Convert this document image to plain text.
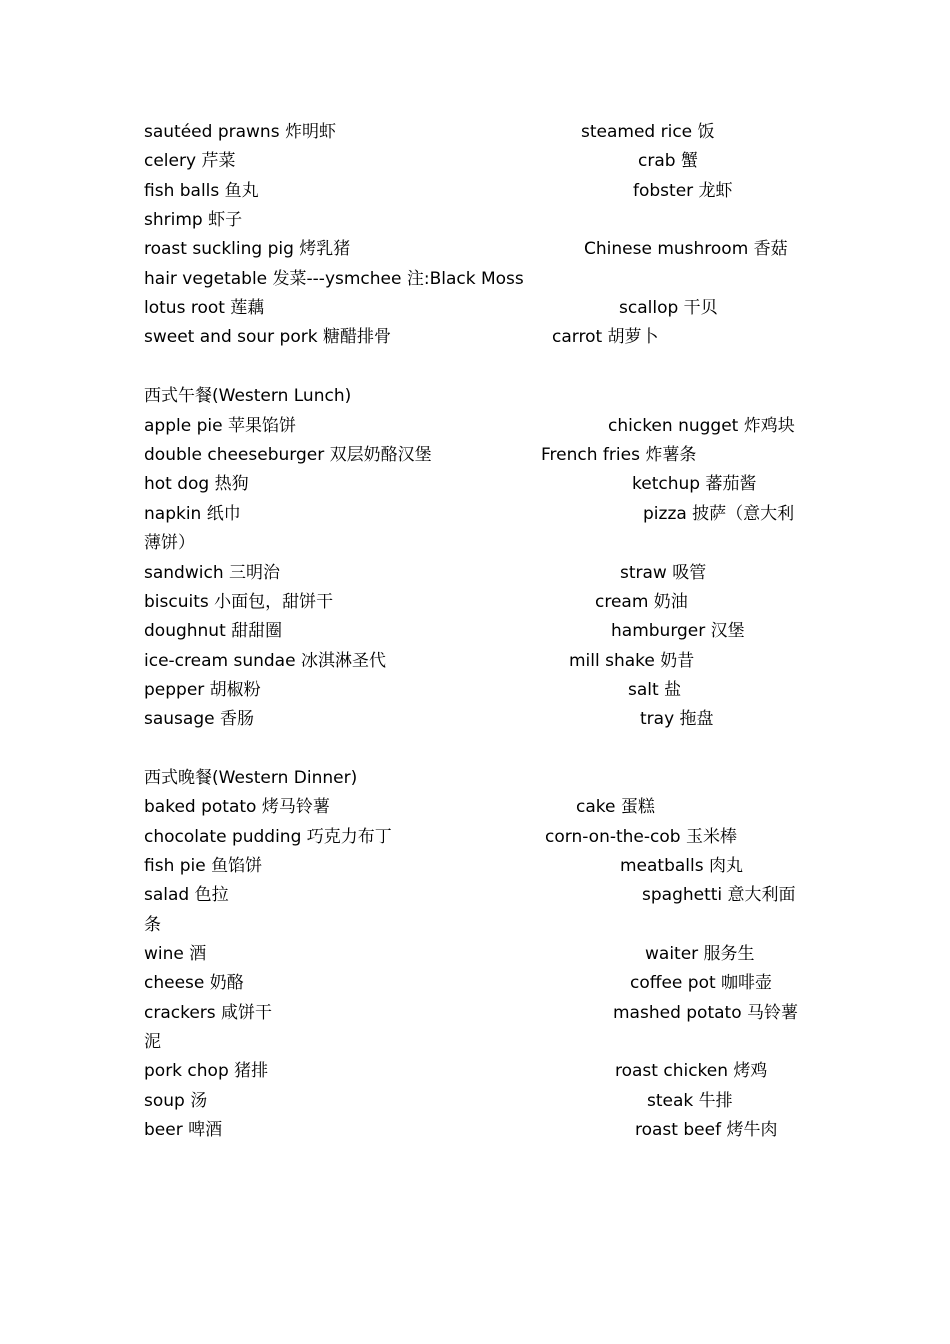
sautéed prawns 炸明虾	steamed rice 饭
celery 芹菜	crab 蟹
fish balls 鱼丸	fobster 龙虾
shrimp 虾子
roast suckling pig 烤乳猪	Chinese mushroom 香菇
hair vegetable 发菜---ysmchee 注:Black Moss
lotus root 莲藕	scallop 干贝
sweet and sour pork 糖醋排骨	carrot 胡萝卜
西式午餐(Western Lunch)
apple pie 苹果馅饼	chicken nugget 炸鸡块
double cheeseburger 双层奶酪汉堡	French fries 炸薯条
hot dog 热狗	ketchup 蕃茄酱
napkin 纸巾	pizza 披萨（意大利
薄饼）
sandwich 三明治	straw 吸管
biscuits 小面包，甜饼干	cream 奶油
doughnut 甜甜圈	hamburger 汉堡
ice-cream sundae 冰淇淋圣代	mill shake 奶昔
pepper 胡椒粉	salt 盐
sausage 香肠	tray 拖盘
西式晚餐(Western Dinner)
baked potato 烤马铃薯	cake 蛋糕
chocolate pudding 巧克力布丁	corn-on-the-cob 玉米棒
fish pie 鱼馅饼	meatballs 肉丸
salad 色拉	spaghetti 意大利面
条
wine 酒	waiter 服务生
cheese 奶酪	coffee pot 咖啡壶
crackers 咸饼干	mashed potato 马铃薯
泥
pork chop 猪排	roast chicken 烤鸡
soup 汤	steak 牛排
beer 啤酒	roast beef 烤牛肉
